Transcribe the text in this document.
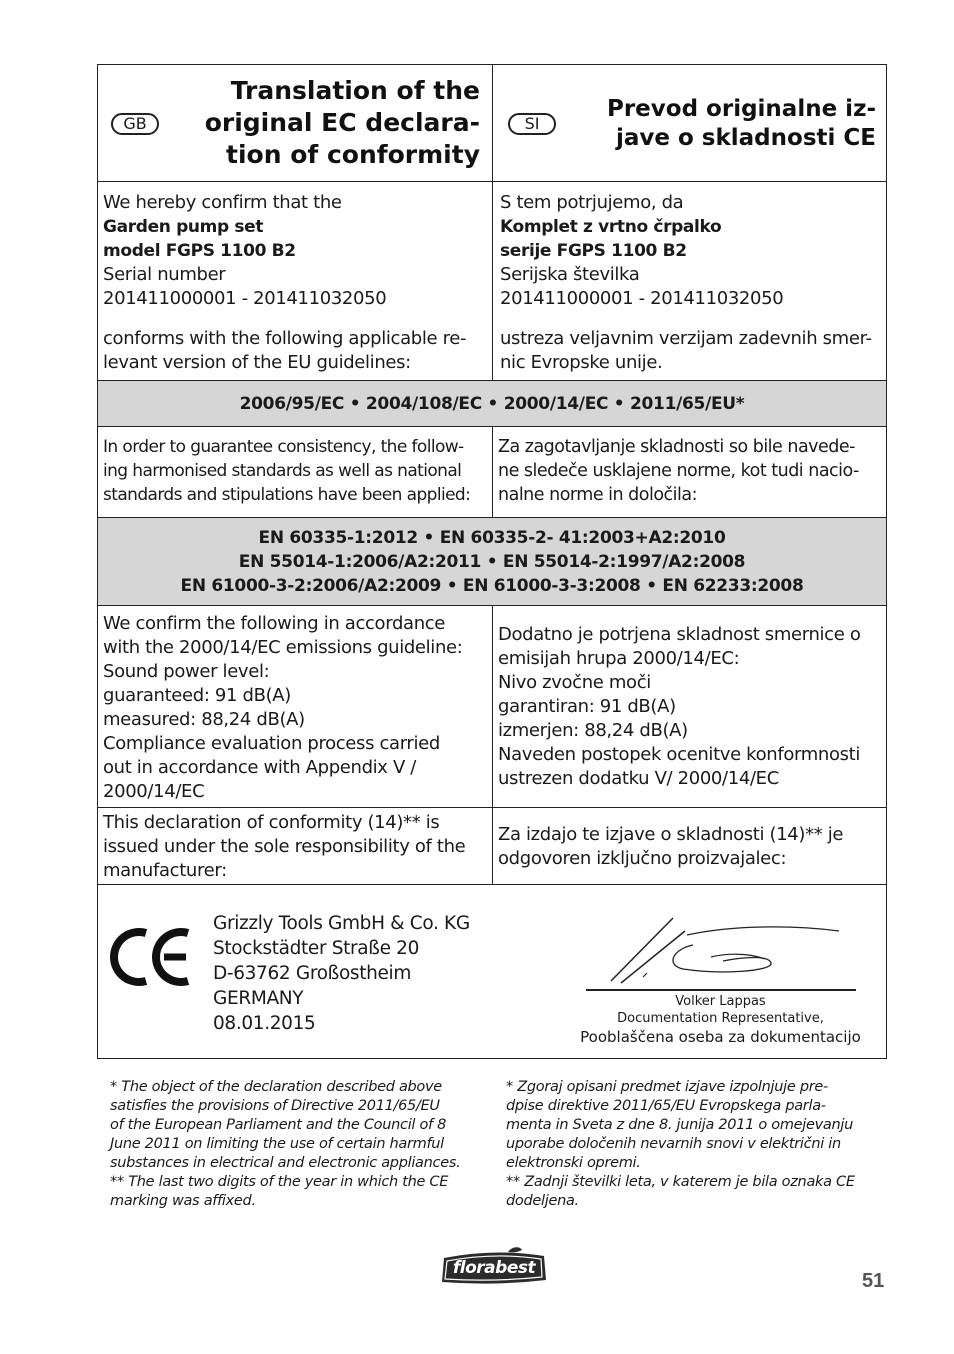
GB
Translation of the
original EC declara-
tion of conformity
SI
Prevod originalne iz-
jave o skladnosti CE
We hereby confirm that the
Garden pump set
model FGPS 1100 B2
Serial number
201411000001 - 201411032050
conforms with the following applicable re-
levant version of the EU guidelines:
S tem potrjujemo, da
Komplet z vrtno črpalko
serije FGPS 1100 B2
Serijska številka
201411000001 - 201411032050
ustreza veljavnim verzijam zadevnih smer-
nic Evropske unije.
2006/95/EC • 2004/108/EC • 2000/14/EC • 2011/65/EU*
In order to guarantee consistency, the follow-
ing harmonised standards as well as national
standards and stipulations have been applied:
Za zagotavljanje skladnosti so bile navede-
ne sledeče usklajene norme, kot tudi nacio-
nalne norme in določila:
EN 60335-1:2012 • EN 60335-2- 41:2003+A2:2010
EN 55014-1:2006/A2:2011 • EN 55014-2:1997/A2:2008
EN 61000-3-2:2006/A2:2009 • EN 61000-3-3:2008 • EN 62233:2008
We confirm the following in accordance
with the 2000/14/EC emissions guideline:
Sound power level:
guaranteed: 91 dB(A)
measured: 88,24 dB(A)
Compliance evaluation process carried
out in accordance with Appendix V /
2000/14/EC
Dodatno je potrjena skladnost smernice o
emisijah hrupa 2000/14/EC:
Nivo zvočne moči
garantiran: 91 dB(A)
izmerjen: 88,24 dB(A)
Naveden postopek ocenitve konformnosti
ustrezen dodatku V/ 2000/14/EC
This declaration of conformity (14)** is
issued under the sole responsibility of the
manufacturer:
Za izdajo te izjave o skladnosti (14)** je
odgovoren izključno proizvajalec:
Grizzly Tools GmbH & Co. KG
Stockstädter Straße 20
D-63762 Großostheim
GERMANY
08.01.2015
Volker Lappas
Documentation Representative,
Pooblaščena oseba za dokumentacijo
* The object of the declaration described above
satisfies the provisions of Directive 2011/65/EU
of the European Parliament and the Council of 8
June 2011 on limiting the use of certain harmful
substances in electrical and electronic appliances.
** The last two digits of the year in which the CE
marking was affixed.
* Zgoraj opisani predmet izjave izpolnjuje pre-
dpise direktive 2011/65/EU Evropskega parla-
menta in Sveta z dne 8. junija 2011 o omejevanju
uporabe določenih nevarnih snovi v električni in
elektronski opremi.
** Zadnji številki leta, v katerem je bila oznaka CE
dodeljena.
florabest
51
